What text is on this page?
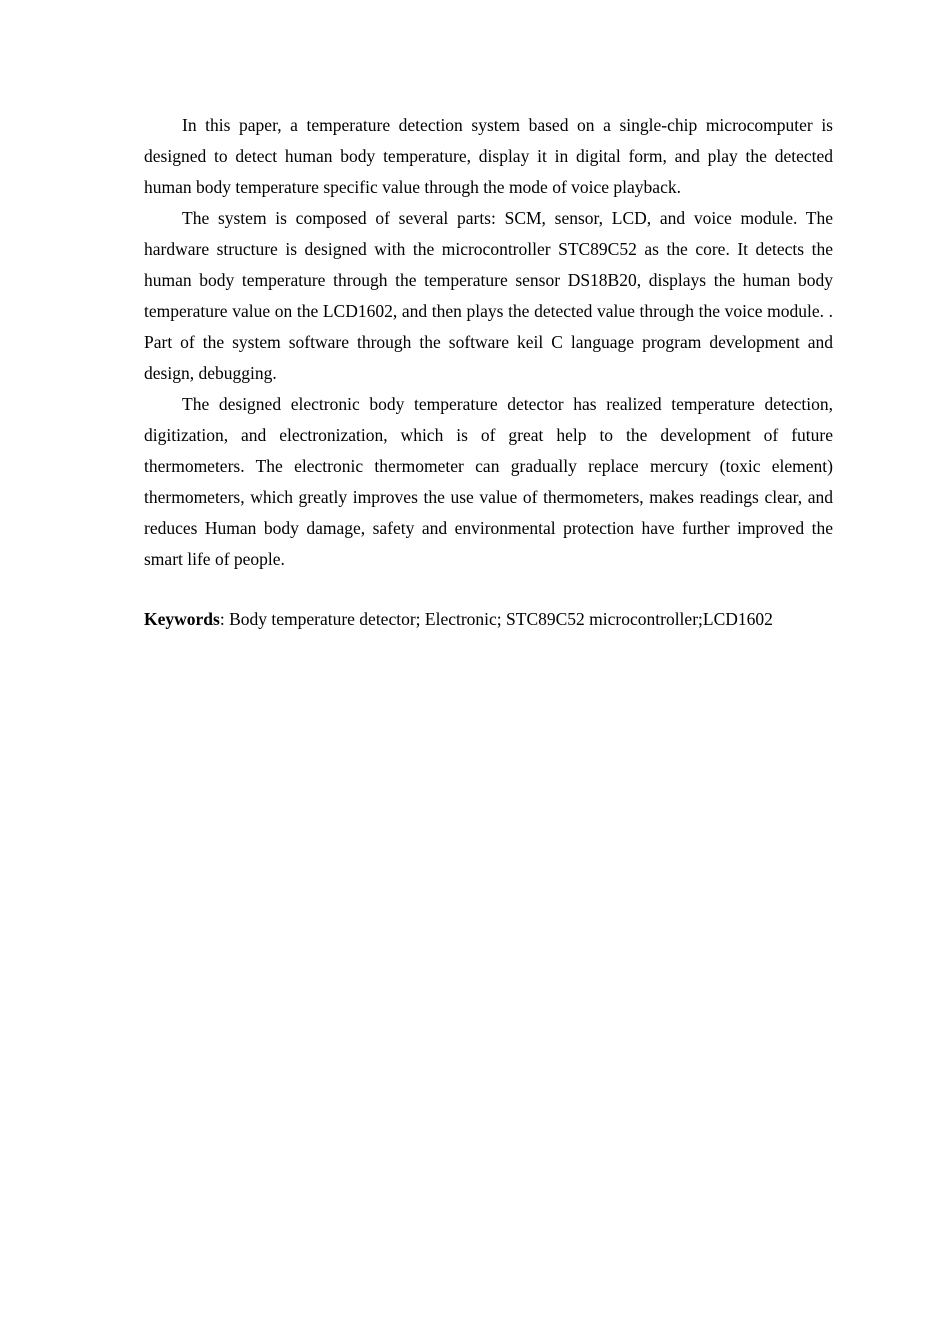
In this paper, a temperature detection system based on a single-chip microcomputer is designed to detect human body temperature, display it in digital form, and play the detected human body temperature specific value through the mode of voice playback.

The system is composed of several parts: SCM, sensor, LCD, and voice module. The hardware structure is designed with the microcontroller STC89C52 as the core. It detects the human body temperature through the temperature sensor DS18B20, displays the human body temperature value on the LCD1602, and then plays the detected value through the voice module. . Part of the system software through the software keil C language program development and design, debugging.

The designed electronic body temperature detector has realized temperature detection, digitization, and electronization, which is of great help to the development of future thermometers. The electronic thermometer can gradually replace mercury (toxic element) thermometers, which greatly improves the use value of thermometers, makes readings clear, and reduces Human body damage, safety and environmental protection have further improved the smart life of people.

Keywords: Body temperature detector; Electronic; STC89C52 microcontroller;LCD1602
